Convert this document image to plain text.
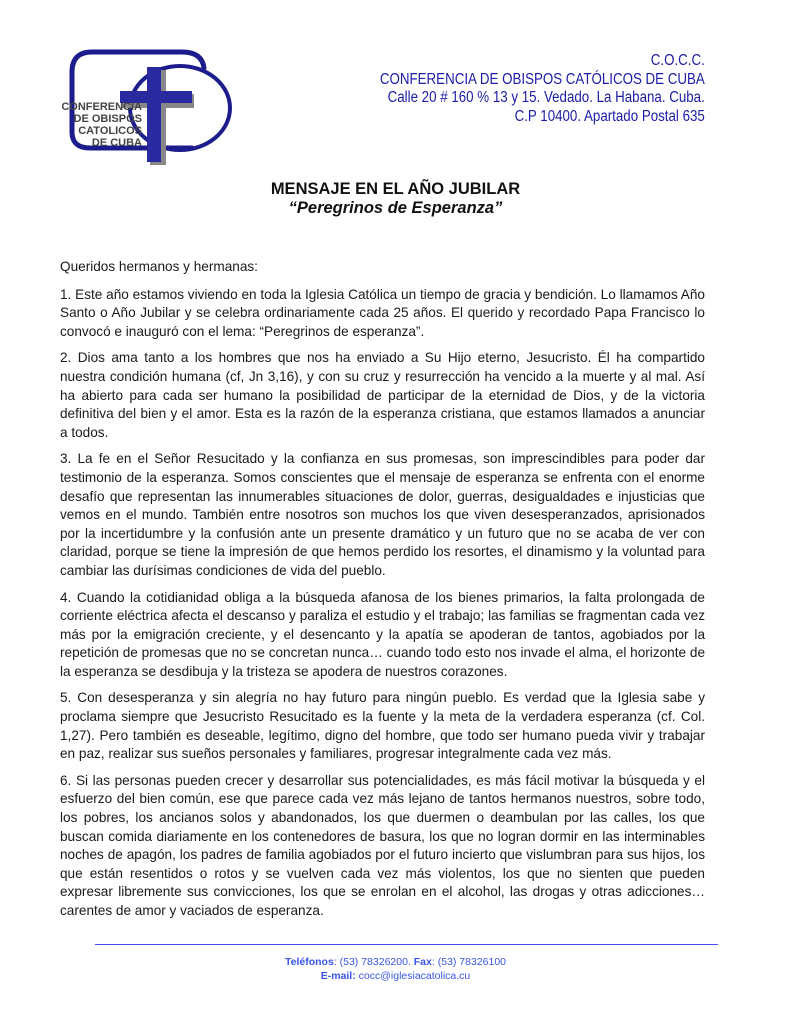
CONFERENCIA
DE OBISPOS
CATOLICOS
DE CUBA
C.O.C.C.
CONFERENCIA DE OBISPOS CATÓLICOS DE CUBA
Calle 20 # 160 % 13 y 15. Vedado. La Habana. Cuba.
C.P 10400. Apartado Postal 635
MENSAJE EN EL AÑO JUBILAR
“Peregrinos de Esperanza”

Queridos hermanos y hermanas:

1. Este año estamos viviendo en toda la Iglesia Católica un tiempo de gracia y bendición. Lo llamamos Año Santo o Año Jubilar y se celebra ordinariamente cada 25 años. El querido y recordado Papa Francisco lo convocó e inauguró con el lema: “Peregrinos de esperanza”.

2. Dios ama tanto a los hombres que nos ha enviado a Su Hijo eterno, Jesucristo. Él ha compartido nuestra condición humana (cf, Jn 3,16), y con su cruz y resurrección ha vencido a la muerte y al mal. Así ha abierto para cada ser humano la posibilidad de participar de la eternidad de Dios, y de la victoria definitiva del bien y el amor. Esta es la razón de la esperanza cristiana, que estamos llamados a anunciar a todos.

3. La fe en el Señor Resucitado y la confianza en sus promesas, son imprescindibles para poder dar testimonio de la esperanza. Somos conscientes que el mensaje de esperanza se enfrenta con el enorme desafío que representan las innumerables situaciones de dolor, guerras, desigualdades e injusticias que vemos en el mundo. También entre nosotros son muchos los que viven desesperanzados, aprisionados por la incertidumbre y la confusión ante un presente dramático y un futuro que no se acaba de ver con claridad, porque se tiene la impresión de que hemos perdido los resortes, el dinamismo y la voluntad para cambiar las durísimas condiciones de vida del pueblo.

4. Cuando la cotidianidad obliga a la búsqueda afanosa de los bienes primarios, la falta prolongada de corriente eléctrica afecta el descanso y paraliza el estudio y el trabajo; las familias se fragmentan cada vez más por la emigración creciente, y el desencanto y la apatía se apoderan de tantos, agobiados por la repetición de promesas que no se concretan nunca… cuando todo esto nos invade el alma, el horizonte de la esperanza se desdibuja y la tristeza se apodera de nuestros corazones.

5. Con desesperanza y sin alegría no hay futuro para ningún pueblo. Es verdad que la Iglesia sabe y proclama siempre que Jesucristo Resucitado es la fuente y la meta de la verdadera esperanza (cf. Col. 1,27). Pero también es deseable, legítimo, digno del hombre, que todo ser humano pueda vivir y trabajar en paz, realizar sus sueños personales y familiares, progresar integralmente cada vez más.

6. Si las personas pueden crecer y desarrollar sus potencialidades, es más fácil motivar la búsqueda y el esfuerzo del bien común, ese que parece cada vez más lejano de tantos hermanos nuestros, sobre todo, los pobres, los ancianos solos y abandonados, los que duermen o deambulan por las calles, los que buscan comida diariamente en los contenedores de basura, los que no logran dormir en las interminables noches de apagón, los padres de familia agobiados por el futuro incierto que vislumbran para sus hijos, los que están resentidos o rotos y se vuelven cada vez más violentos, los que no sienten que pueden expresar libremente sus convicciones, los que se enrolan en el alcohol, las drogas y otras adicciones… carentes de amor y vaciados de esperanza.

Teléfonos: (53) 78326200. Fax: (53) 78326100
E-mail: cocc@iglesiacatolica.cu
